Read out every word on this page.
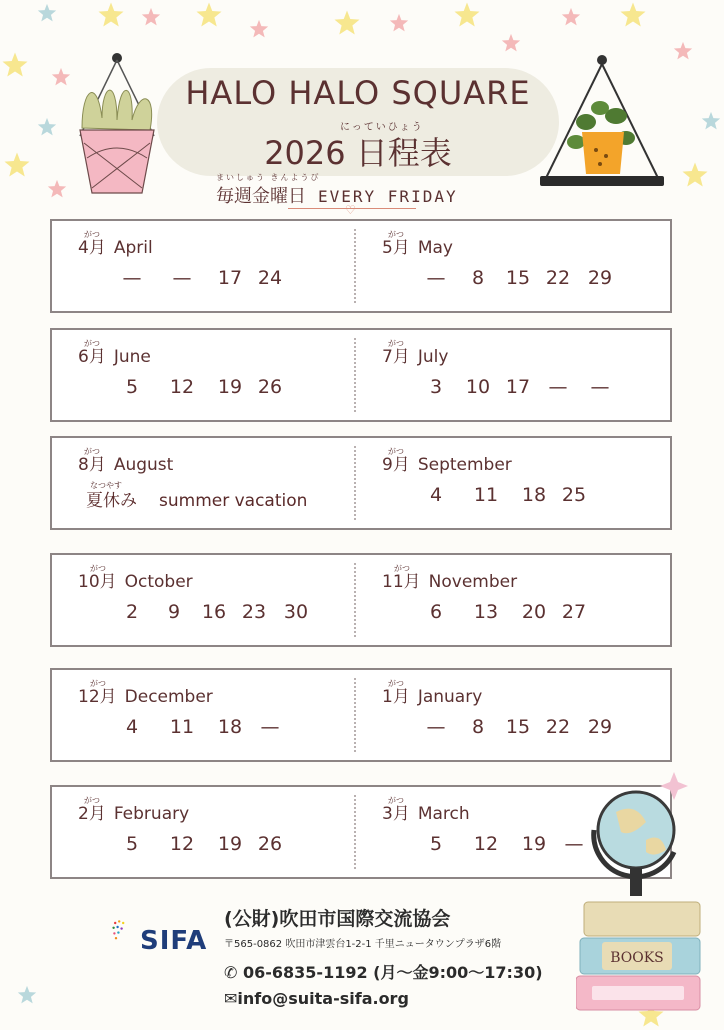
HALO HALO SQUARE
にっていひょう
2026 日程表
まいしゅう きんようび
毎週金曜日 EVERY FRIDAY
♡
がつ
4月 April
— — 17 24
がつ
5月 May
— 8 15 22 29
がつ
6月 June
5 12 19 26
がつ
7月 July
3 10 17 — —
がつ
8月 August
なつやす
夏休み summer vacation
がつ
9月 September
4 11 18 25
がつ
10月 October
2 9 16 23 30
がつ
11月 November
6 13 20 27
がつ
12月 December
4 11 18 —
がつ
1月 January
— 8 15 22 29
がつ
2月 February
5 12 19 26
がつ
3月 March
5 12 19 —
BOOKS
SIFA
(公財)吹田市国際交流協会
〒565-0862 吹田市津雲台1-2-1 千里ニュータウンプラザ6階
✆ 06-6835-1192 (月〜金9:00〜17:30)
✉info@suita-sifa.org
